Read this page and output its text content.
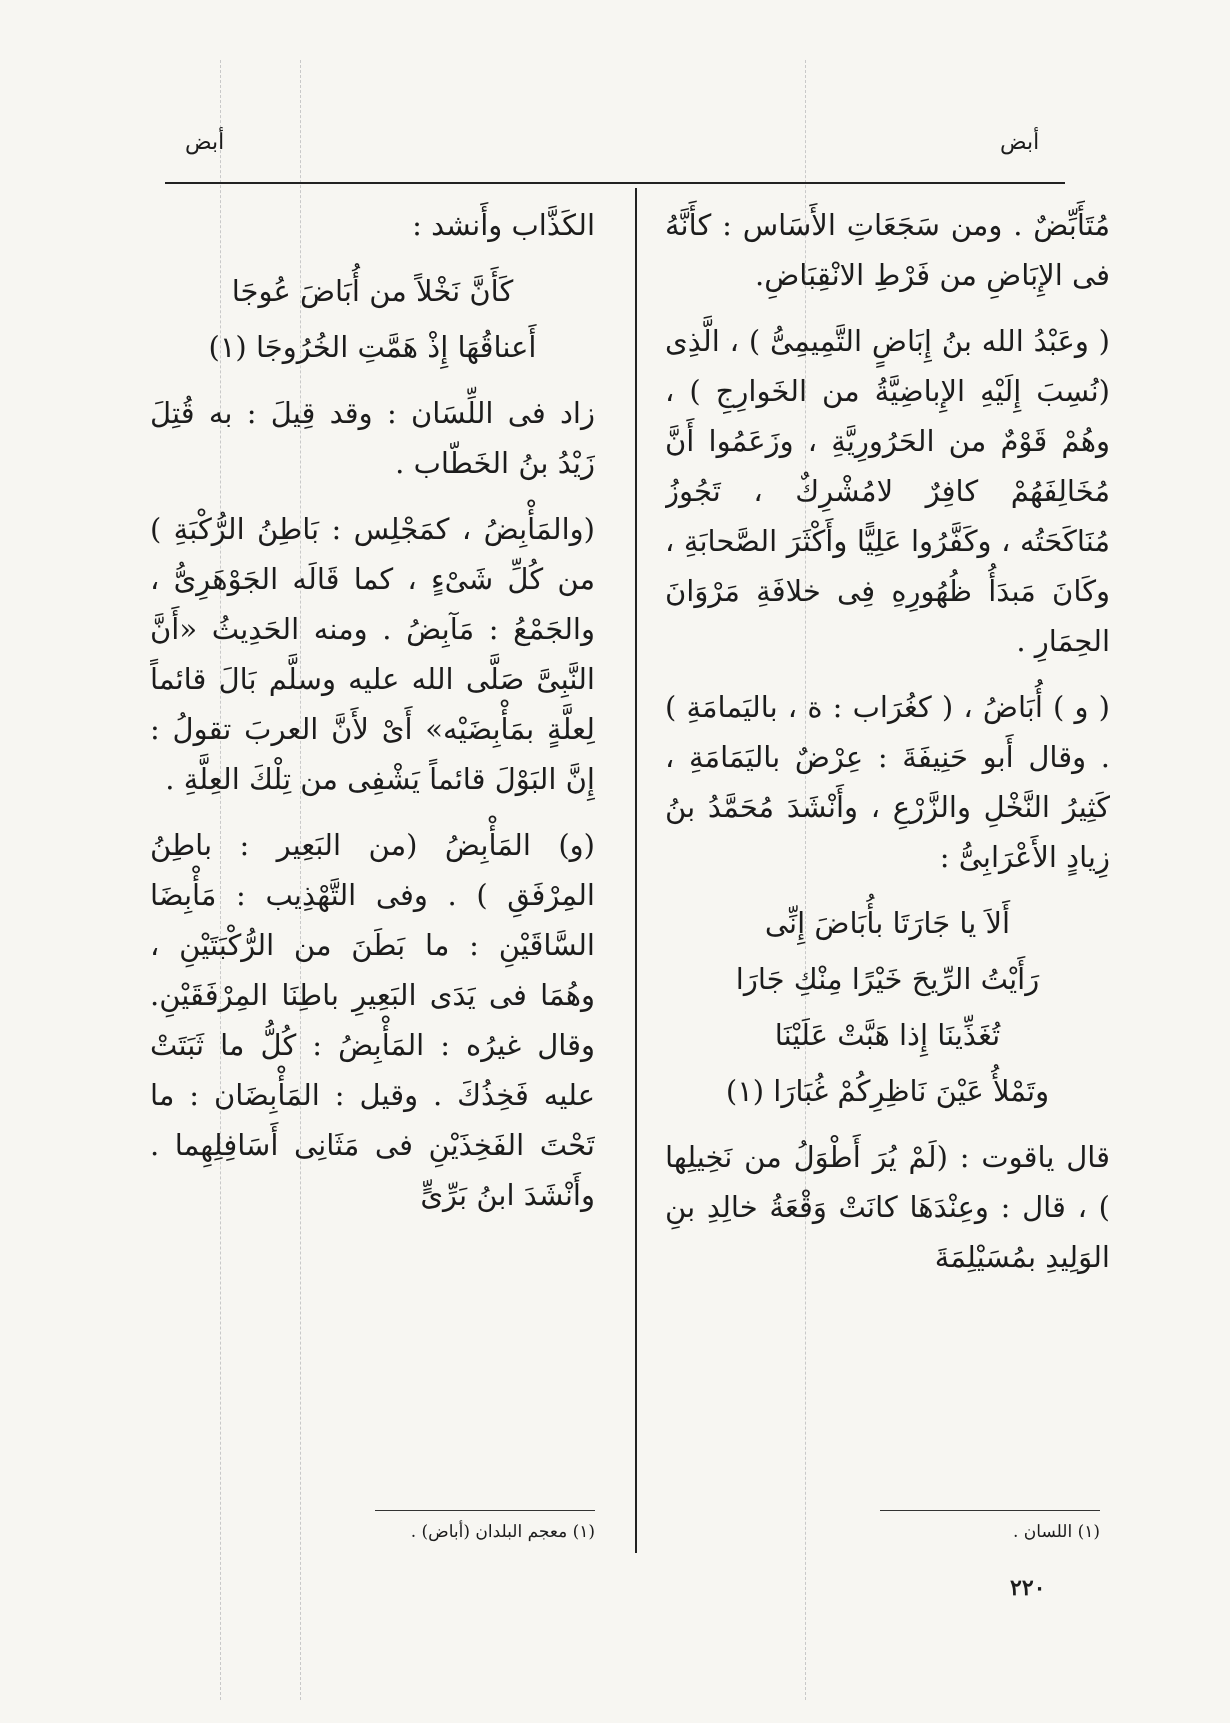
أبض	أبض

مُتَأَبِّضٌ . ومن سَجَعَاتِ الأَسَاس : كأَنَّهُ فى الإِبَاضِ من فَرْطِ الانْقِبَاضِ.

( وعَبْدُ الله بنُ إِبَاضٍ التَّمِيمِىُّ ) ، الَّذِى (نُسِبَ إِلَيْهِ الإِباضِيَّةُ من الخَوارِجِ ) ، وهُمْ قَوْمٌ من الحَرُورِيَّةِ ، وزَعَمُوا أَنَّ مُخَالِفَهُمْ كافِرٌ لامُشْرِكٌ ، تَجُوزُ مُنَاكَحَتُه ، وكَفَّرُوا عَلِيًّا وأَكْثَرَ الصَّحابَةِ ، وكَانَ مَبدَأُ ظُهُورِهِ فِى خلافَةِ مَرْوَانَ الحِمَارِ .

( و ) أُبَاضُ ، ( كغُرَاب : ة ، باليَمامَةِ ) . وقال أَبو حَنِيفَةَ : عِرْضٌ باليَمَامَةِ ، كَثِيرُ النَّخْلِ والزَّرْعِ ، وأَنْشَدَ مُحَمَّدُ بنُ زِيادٍ الأَعْرَابِىُّ :

أَلاَ يا جَارَتَا بأُبَاضَ إِنِّى
رَأَيْتُ الرِّيحَ خَيْرًا مِنْكِ جَارَا
تُغَذِّينَا إِذا هَبَّتْ عَلَيْنَا
وتَمْلأُ عَيْنَ نَاظِرِكُمْ غُبَارَا (١)

قال ياقوت : (لَمْ يُرَ أَطْوَلُ من نَخِيلِها ) ، قال : وعِنْدَهَا كانَتْ وَقْعَةُ خالِدِ بنِ الوَلِيدِ بمُسَيْلِمَةَ

الكَذَّاب وأَنشد :

كَأَنَّ نَخْلاً من أُبَاضَ عُوجَا
أَعناقُهَا إِذْ هَمَّتِ الخُرُوجَا (١)

زاد فى اللِّسَان : وقد قِيلَ : به قُتِلَ زَيْدُ بنُ الخَطّاب .

(والمَأْبِضُ ، كمَجْلِس : بَاطِنُ الرُّكْبَةِ ) من كُلِّ شَىْءٍ ، كما قَالَه الجَوْهَرِىُّ ، والجَمْعُ : مَآبِضُ . ومنه الحَدِيثُ «أَنَّ النَّبِىَّ صَلَّى الله عليه وسلَّم بَالَ قائماً لِعلَّةٍ بمَأْبِضَيْه» أَىْ لأَنَّ العربَ تقولُ : إِنَّ البَوْلَ قائماً يَشْفِى من تِلْكَ العِلَّةِ .

(و) المَأْبِضُ (من البَعِير : باطِنُ المِرْفَقِ ) . وفى التَّهْذِيب : مَأْبِضَا السَّاقَيْنِ : ما بَطَنَ من الرُّكْبَتَيْنِ ، وهُمَا فى يَدَى البَعِيرِ باطِنَا المِرْفَقَيْنِ. وقال غيرُه : المَأْبِضُ : كُلُّ ما ثَبَتَتْ عليه فَخِذُكَ . وقيل : المَأْبِضَان : ما تَحْتَ الفَخِذَيْنِ فى مَثَانِى أَسَافِلِهِما . وأَنْشَدَ ابنُ بَرِّىٍّ

(١) معجم البلدان (أباض) .	(١) اللسان .
٢٢٠
